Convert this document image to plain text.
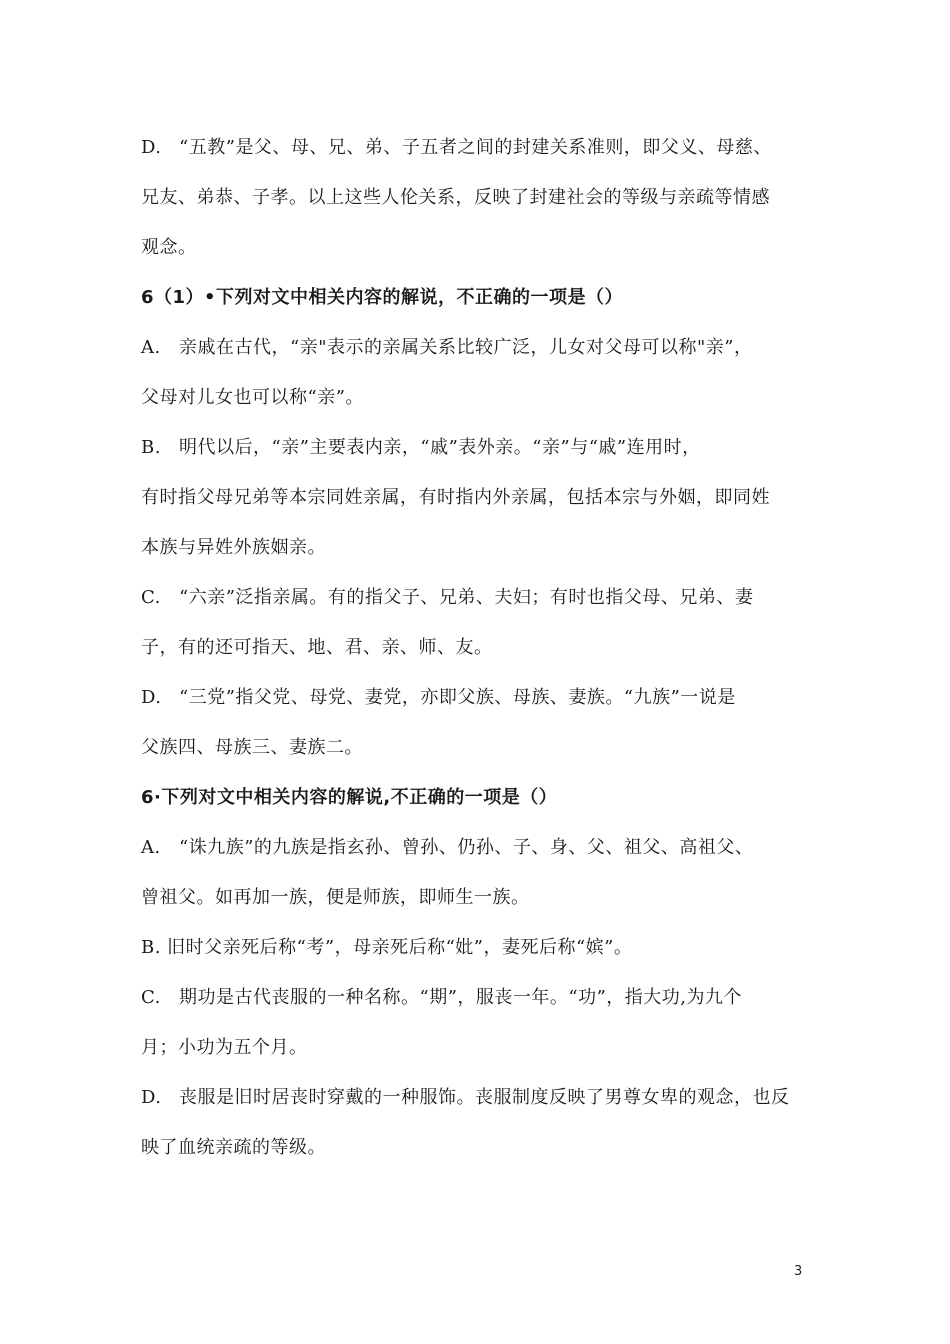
D. “五教”是父、母、兄、弟、子五者之间的封建关系准则，即父义、母慈、
兄友、弟恭、子孝。以上这些人伦关系，反映了封建社会的等级与亲疏等情感
观念。
6（1）•下列对文中相关内容的解说，不正确的一项是（）
A. 亲戚在古代，“亲"表示的亲属关系比较广泛，儿女对父母可以称"亲”，
父母对儿女也可以称“亲”。
B. 明代以后，“亲”主要表内亲，“戚”表外亲。“亲”与“戚”连用时，
有时指父母兄弟等本宗同姓亲属，有时指内外亲属，包括本宗与外姻，即同姓
本族与异姓外族姻亲。
C. “六亲”泛指亲属。有的指父子、兄弟、夫妇；有时也指父母、兄弟、妻
子，有的还可指天、地、君、亲、师、友。
D. “三党”指父党、母党、妻党，亦即父族、母族、妻族。“九族”一说是
父族四、母族三、妻族二。
6·下列对文中相关内容的解说,不正确的一项是（）
A. “诛九族”的九族是指玄孙、曾孙、仍孙、子、身、父、祖父、高祖父、
曾祖父。如再加一族，便是师族，即师生一族。
B. 旧时父亲死后称“考”，母亲死后称“妣”，妻死后称“嫔”。
C. 期功是古代丧服的一种名称。“期”，服丧一年。“功”，指大功,为九个
月；小功为五个月。
D. 丧服是旧时居丧时穿戴的一种服饰。丧服制度反映了男尊女卑的观念，也反
映了血统亲疏的等级。
3
